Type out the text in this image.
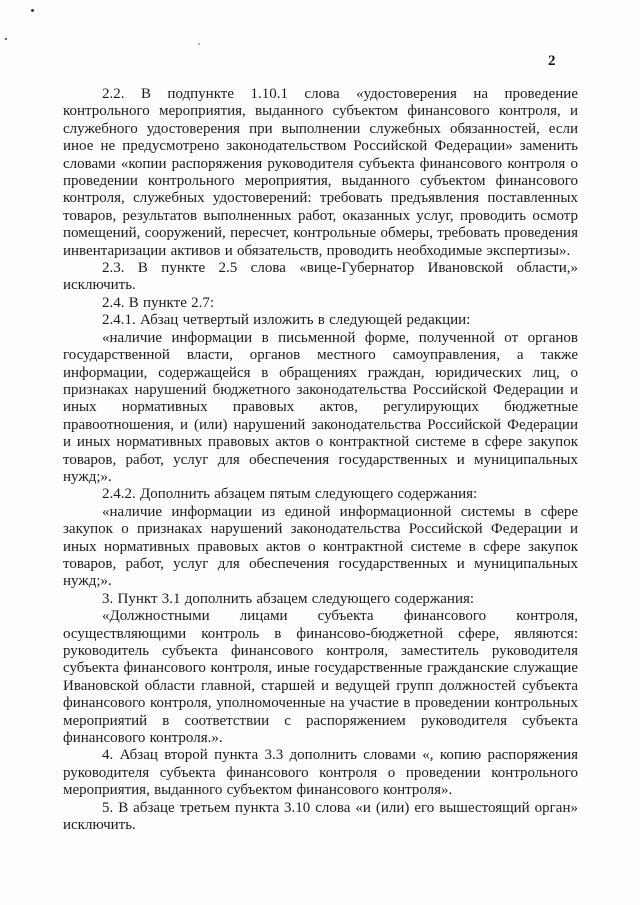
2

2.2. В подпункте 1.10.1 слова «удостоверения на проведение контрольного мероприятия, выданного субъектом финансового контроля, и служебного удостоверения при выполнении служебных обязанностей, если иное не предусмотрено законодательством Российской Федерации» заменить словами «копии распоряжения руководителя субъекта финансового контроля о проведении контрольного мероприятия, выданного субъектом финансового контроля, служебных удостоверений: требовать предъявления поставленных товаров, результатов выполненных работ, оказанных услуг, проводить осмотр помещений, сооружений, пересчет, контрольные обмеры, требовать проведения инвентаризации активов и обязательств, проводить необходимые экспертизы».

2.3. В пункте 2.5 слова «вице-Губернатор Ивановской области,» исключить.

2.4. В пункте 2.7:

2.4.1. Абзац четвертый изложить в следующей редакции:

«наличие информации в письменной форме, полученной от органов государственной власти, органов местного самоуправления, а также информации, содержащейся в обращениях граждан, юридических лиц, о признаках нарушений бюджетного законодательства Российской Федерации и иных нормативных правовых актов, регулирующих бюджетные правоотношения, и (или) нарушений законодательства Российской Федерации и иных нормативных правовых актов о контрактной системе в сфере закупок товаров, работ, услуг для обеспечения государственных и муниципальных нужд;».

2.4.2. Дополнить абзацем пятым следующего содержания:

«наличие информации из единой информационной системы в сфере закупок о признаках нарушений законодательства Российской Федерации и иных нормативных правовых актов о контрактной системе в сфере закупок товаров, работ, услуг для обеспечения государственных и муниципальных нужд;».

3. Пункт 3.1 дополнить абзацем следующего содержания:

«Должностными лицами субъекта финансового контроля, осуществляющими контроль в финансово-бюджетной сфере, являются: руководитель субъекта финансового контроля, заместитель руководителя субъекта финансового контроля, иные государственные гражданские служащие Ивановской области главной, старшей и ведущей групп должностей субъекта финансового контроля, уполномоченные на участие в проведении контрольных мероприятий в соответствии с распоряжением руководителя субъекта финансового контроля.».

4. Абзац второй пункта 3.3 дополнить словами «, копию распоряжения руководителя субъекта финансового контроля о проведении контрольного мероприятия, выданного субъектом финансового контроля».

5. В абзаце третьем пункта 3.10 слова «и (или) его вышестоящий орган» исключить.
